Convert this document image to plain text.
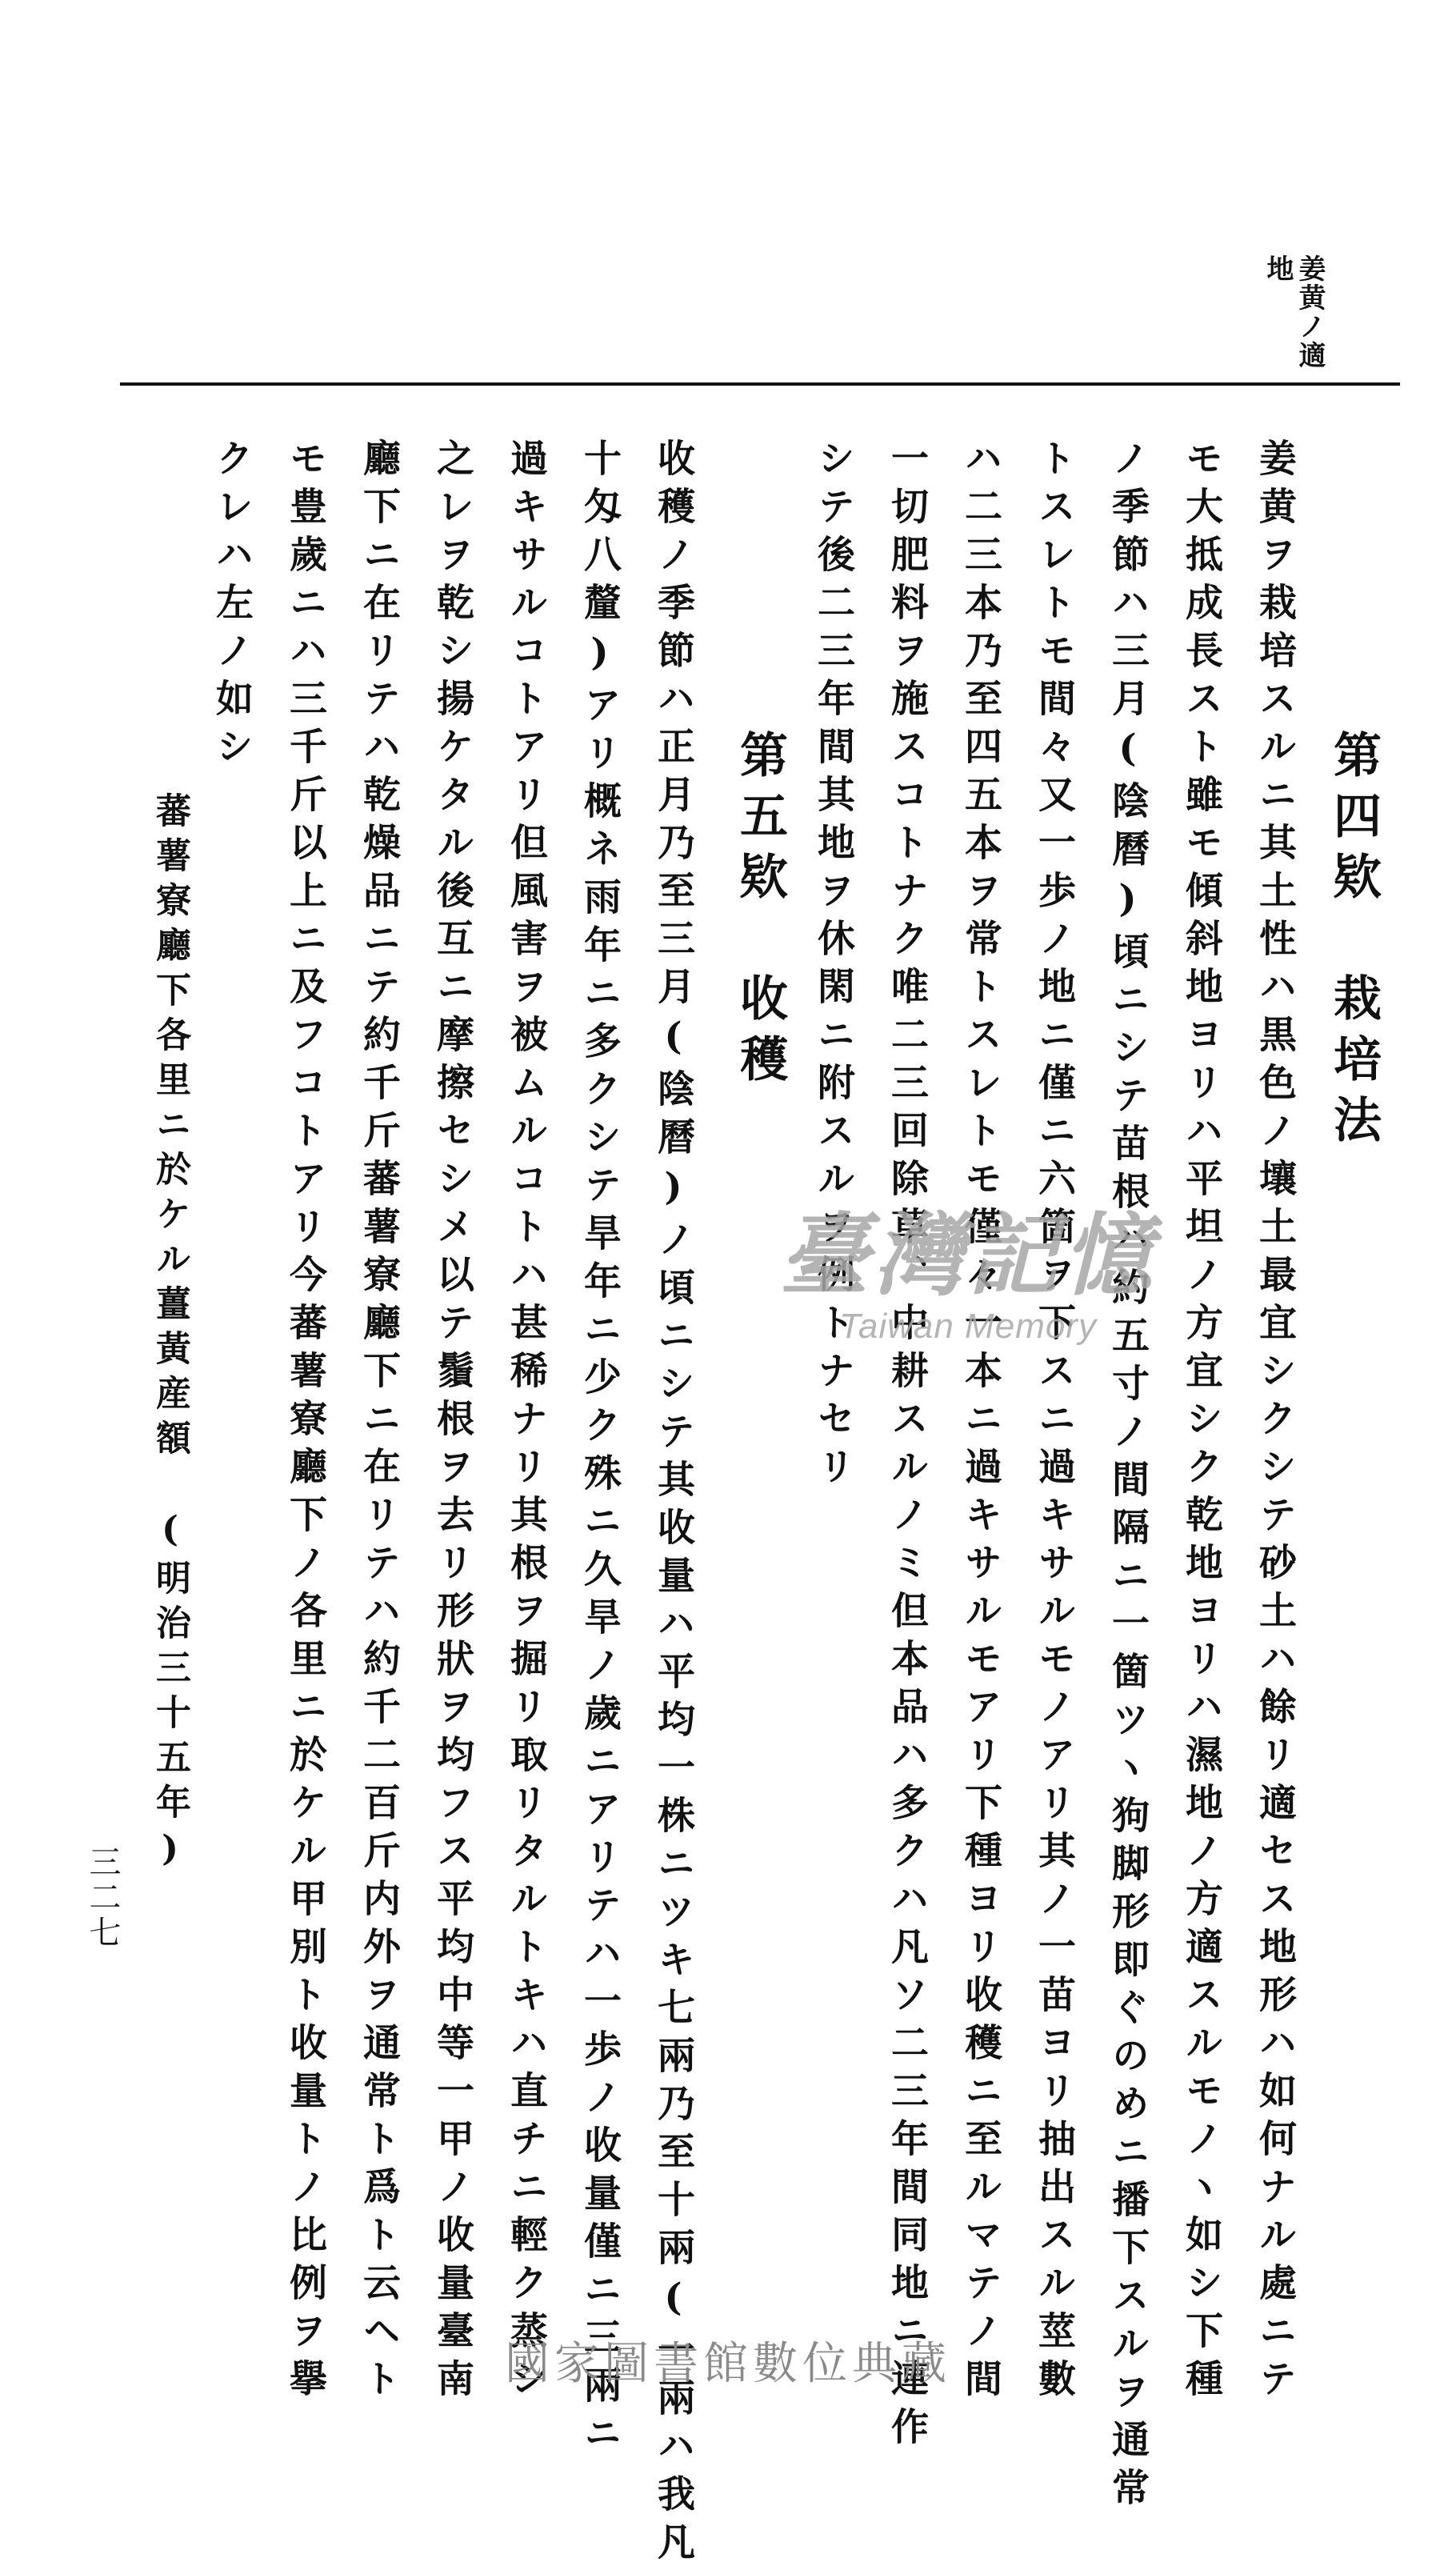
姜黄ノ適
地
第四欵　栽培法
姜黄ヲ栽培スルニ其土性ハ黒色ノ壤土最宜シクシテ砂土ハ餘リ適セス地形ハ如何ナル處ニテ
モ大抵成長スト雖モ傾斜地ヨリハ平坦ノ方宜シク乾地ヨリハ濕地ノ方適スルモノヽ如シ下種
ノ季節ハ三月(陰曆)頃ニシテ苗根ハ約五寸ノ間隔ニ一箇ツヽ狗脚形即ぐのめニ播下スルヲ通常
トスレトモ間々又一歩ノ地ニ僅ニ六箇ヲ下スニ過キサルモノアリ其ノ一苗ヨリ抽出スル莖數
ハ二三本乃至四五本ヲ常トスレトモ僅々一本ニ過キサルモアリ下種ヨリ收穫ニ至ルマテノ間
一切肥料ヲ施スコトナク唯二三回除草、中耕スルノミ但本品ハ多クハ凡ソ二三年間同地ニ連作
シテ後二三年間其地ヲ休閑ニ附スルヲ例トナセリ
第五欵　收穫
收穫ノ季節ハ正月乃至三月(陰曆)ノ頃ニシテ其收量ハ平均一株ニツキ七兩乃至十兩(一兩ハ我凡
十匁八釐)アリ概ネ雨年ニ多クシテ旱年ニ少ク殊ニ久旱ノ歲ニアリテハ一歩ノ收量僅ニ三兩ニ
過キサルコトアリ但風害ヲ被ムルコトハ甚稀ナリ其根ヲ掘リ取リタルトキハ直チニ輕ク蒸シ
之レヲ乾シ揚ケタル後互ニ摩擦セシメ以テ鬚根ヲ去リ形狀ヲ均フス平均中等一甲ノ收量臺南
廳下ニ在リテハ乾燥品ニテ約千斤蕃薯寮廳下ニ在リテハ約千二百斤内外ヲ通常ト爲ト云ヘト
モ豊歲ニハ三千斤以上ニ及フコトアリ今蕃薯寮廳下ノ各里ニ於ケル甲別ト收量トノ比例ヲ擧
クレハ左ノ如シ
蕃薯寮廳下各里ニ於ケル薑黃産額　(明治三十五年)
三二七
臺灣記憶
Taiwan Memory
國家圖書館數位典藏
